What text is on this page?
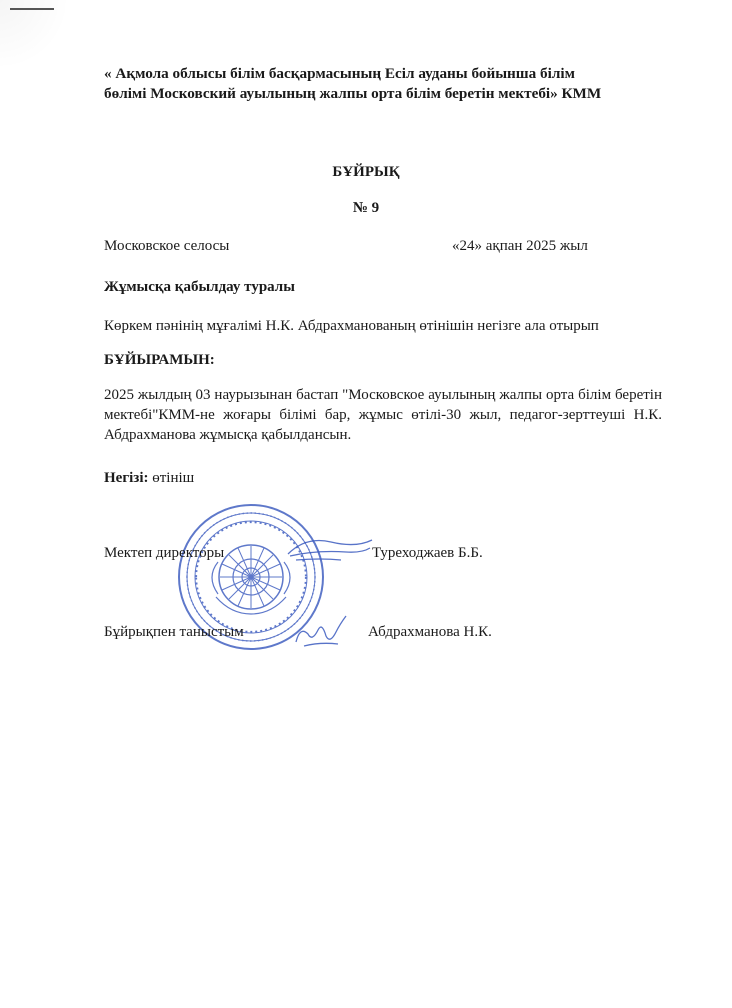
« Ақмола облысы білім басқармасының Есіл ауданы бойынша білім
бөлімі Московский ауылының жалпы орта білім беретін мектебі» КММ
БҰЙРЫҚ
№ 9
Московское селосы	«24» ақпан 2025 жыл
Жұмысқа қабылдау туралы
Көркем пәнінің мұғалімі Н.К. Абдрахманованың өтінішін негізге ала отырып
БҰЙЫРАМЫН:
2025 жылдың 03 наурызынан бастап "Московское ауылының жалпы орта білім беретін мектебі"КММ-не жоғары білімі бар, жұмыс өтілі-30 жыл, педагог-зерттеуші Н.К. Абдрахманова жұмысқа қабылдансын.
Негізі: өтініш
Мектеп директоры	Туреходжаев Б.Б.
Бұйрықпен таныстым	Абдрахманова Н.К.
